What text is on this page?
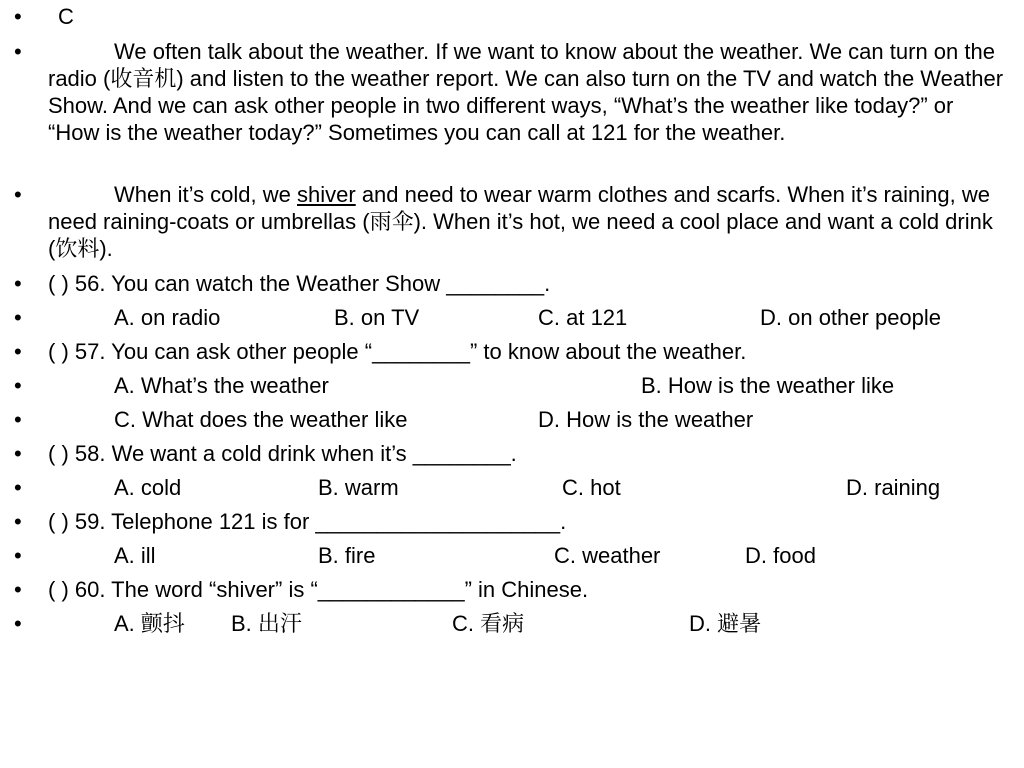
• C
•	We often talk about the weather. If we want to know about the weather. We can turn on the radio (收音机) and listen to the weather report. We can also turn on the TV and watch the Weather Show. And we can ask other people in two different ways, “What’s the weather like today?” or “How is the weather today?” Sometimes you can call at 121 for the weather.
•	When it’s cold, we shiver and need to wear warm clothes and scarfs. When it’s raining, we need raining-coats or umbrellas (雨伞). When it’s hot, we need a cool place and want a cold drink (饮料).
• ( ) 56. You can watch the Weather Show ________.
•	A. on radio	B. on TV	C. at 121	D. on other people
• ( ) 57. You can ask other people “________” to know about the weather.
•	A. What’s the weather	B. How is the weather like
•	C. What does the weather like	D. How is the weather
• ( ) 58. We want a cold drink when it’s ________.
•	A. cold	B. warm	C. hot	D. raining
• ( ) 59. Telephone 121 is for ____________________.
•	A. ill	B. fire	C. weather	D. food
• ( ) 60. The word “shiver” is “____________” in Chinese.
•	A. 颤抖 B. 出汗	C. 看病	D. 避暑
